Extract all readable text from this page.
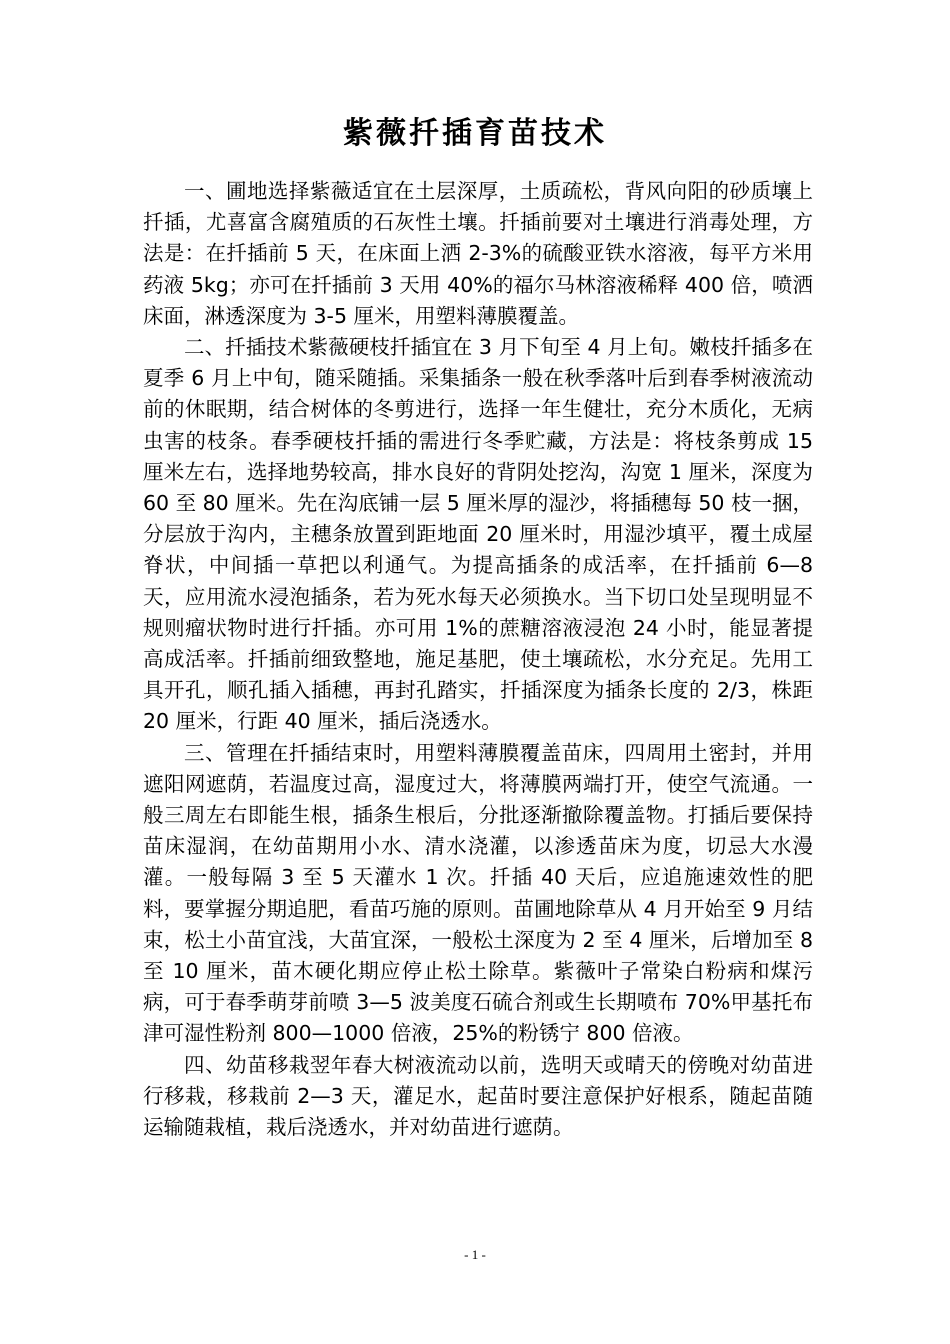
紫薇扦插育苗技术

一、圃地选择紫薇适宜在土层深厚，土质疏松，背风向阳的砂质壤上扦插，尤喜富含腐殖质的石灰性土壤。扦插前要对土壤进行消毒处理，方法是：在扦插前 5 天，在床面上洒 2-3%的硫酸亚铁水溶液，每平方米用药液 5kg；亦可在扦插前 3 天用 40%的福尔马林溶液稀释 400 倍，喷洒床面，淋透深度为 3-5 厘米，用塑料薄膜覆盖。

二、扦插技术紫薇硬枝扦插宜在 3 月下旬至 4 月上旬。嫩枝扦插多在夏季 6 月上中旬，随采随插。采集插条一般在秋季落叶后到春季树液流动前的休眠期，结合树体的冬剪进行，选择一年生健壮，充分木质化，无病虫害的枝条。春季硬枝扦插的需进行冬季贮藏，方法是：将枝条剪成 15 厘米左右，选择地势较高，排水良好的背阴处挖沟，沟宽 1 厘米，深度为 60 至 80 厘米。先在沟底铺一层 5 厘米厚的湿沙，将插穗每 50 枝一捆，分层放于沟内，主穗条放置到距地面 20 厘米时，用湿沙填平，覆土成屋脊状，中间插一草把以利通气。为提高插条的成活率，在扦插前 6—8 天，应用流水浸泡插条，若为死水每天必须换水。当下切口处呈现明显不规则瘤状物时进行扦插。亦可用 1%的蔗糖溶液浸泡 24 小时，能显著提高成活率。扦插前细致整地，施足基肥，使土壤疏松，水分充足。先用工具开孔，顺孔插入插穗，再封孔踏实，扦插深度为插条长度的 2/3，株距 20 厘米，行距 40 厘米，插后浇透水。

三、管理在扦插结束时，用塑料薄膜覆盖苗床，四周用土密封，并用遮阳网遮荫，若温度过高，湿度过大，将薄膜两端打开，使空气流通。一般三周左右即能生根，插条生根后，分批逐渐撤除覆盖物。打插后要保持苗床湿润，在幼苗期用小水、清水浇灌，以渗透苗床为度，切忌大水漫灌。一般每隔 3 至 5 天灌水 1 次。扦插 40 天后，应追施速效性的肥料，要掌握分期追肥，看苗巧施的原则。苗圃地除草从 4 月开始至 9 月结束，松土小苗宜浅，大苗宜深，一般松土深度为 2 至 4 厘米，后增加至 8 至 10 厘米，苗木硬化期应停止松土除草。紫薇叶子常染白粉病和煤污病，可于春季萌芽前喷 3—5 波美度石硫合剂或生长期喷布 70%甲基托布津可湿性粉剂 800—1000 倍液，25%的粉锈宁 800 倍液。

四、幼苗移栽翌年春大树液流动以前，选明天或晴天的傍晚对幼苗进行移栽，移栽前 2—3 天，灌足水，起苗时要注意保护好根系，随起苗随运输随栽植，栽后浇透水，并对幼苗进行遮荫。

- 1 -
